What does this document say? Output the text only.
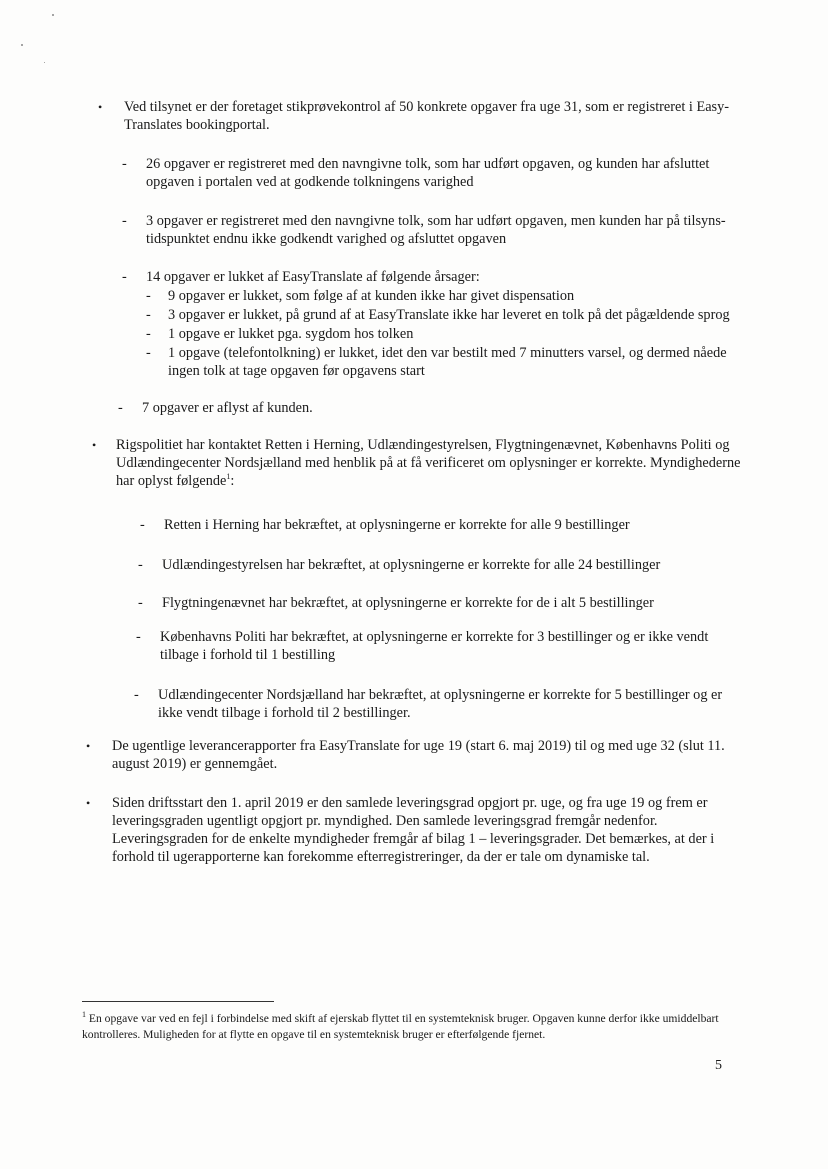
• Ved tilsynet er der foretaget stikprøvekontrol af 50 konkrete opgaver fra uge 31, som er registreret i Easy-Translates bookingportal.

- 26 opgaver er registreret med den navngivne tolk, som har udført opgaven, og kunden har afsluttet opgaven i portalen ved at godkende tolkningens varighed

- 3 opgaver er registreret med den navngivne tolk, som har udført opgaven, men kunden har på tilsyns-tidspunktet endnu ikke godkendt varighed og afsluttet opgaven

- 14 opgaver er lukket af EasyTranslate af følgende årsager:

- 9 opgaver er lukket, som følge af at kunden ikke har givet dispensation

- 3 opgaver er lukket, på grund af at EasyTranslate ikke har leveret en tolk på det pågældende sprog

- 1 opgave er lukket pga. sygdom hos tolken

- 1 opgave (telefontolkning) er lukket, idet den var bestilt med 7 minutters varsel, og dermed nåede ingen tolk at tage opgaven før opgavens start

- 7 opgaver er aflyst af kunden.

• Rigspolitiet har kontaktet Retten i Herning, Udlændingestyrelsen, Flygtningenævnet, Københavns Politi og Udlændingecenter Nordsjælland med henblik på at få verificeret om oplysninger er korrekte. Myndighederne har oplyst følgende$^1$:

- Retten i Herning har bekræftet, at oplysningerne er korrekte for alle 9 bestillinger

- Udlændingestyrelsen har bekræftet, at oplysningerne er korrekte for alle 24 bestillinger

- Flygtningenævnet har bekræftet, at oplysningerne er korrekte for de i alt 5 bestillinger

- Københavns Politi har bekræftet, at oplysningerne er korrekte for 3 bestillinger og er ikke vendt tilbage i forhold til 1 bestilling

- Udlændingecenter Nordsjælland har bekræftet, at oplysningerne er korrekte for 5 bestillinger og er ikke vendt tilbage i forhold til 2 bestillinger.

• De ugentlige leverancerapporter fra EasyTranslate for uge 19 (start 6. maj 2019) til og med uge 32 (slut 11. august 2019) er gennemgået.

• Siden driftsstart den 1. april 2019 er den samlede leveringsgrad opgjort pr. uge, og fra uge 19 og frem er leveringsgraden ugentligt opgjort pr. myndighed. Den samlede leveringsgrad fremgår nedenfor. Leveringsgraden for de enkelte myndigheder fremgår af bilag 1 – leveringsgrader. Det bemærkes, at der i forhold til ugerapporterne kan forekomme efterregistreringer, da der er tale om dynamiske tal.

$^1$ En opgave var ved en fejl i forbindelse med skift af ejerskab flyttet til en systemteknisk bruger. Opgaven kunne derfor ikke umiddelbart kontrolleres. Muligheden for at flytte en opgave til en systemteknisk bruger er efterfølgende fjernet.

5
